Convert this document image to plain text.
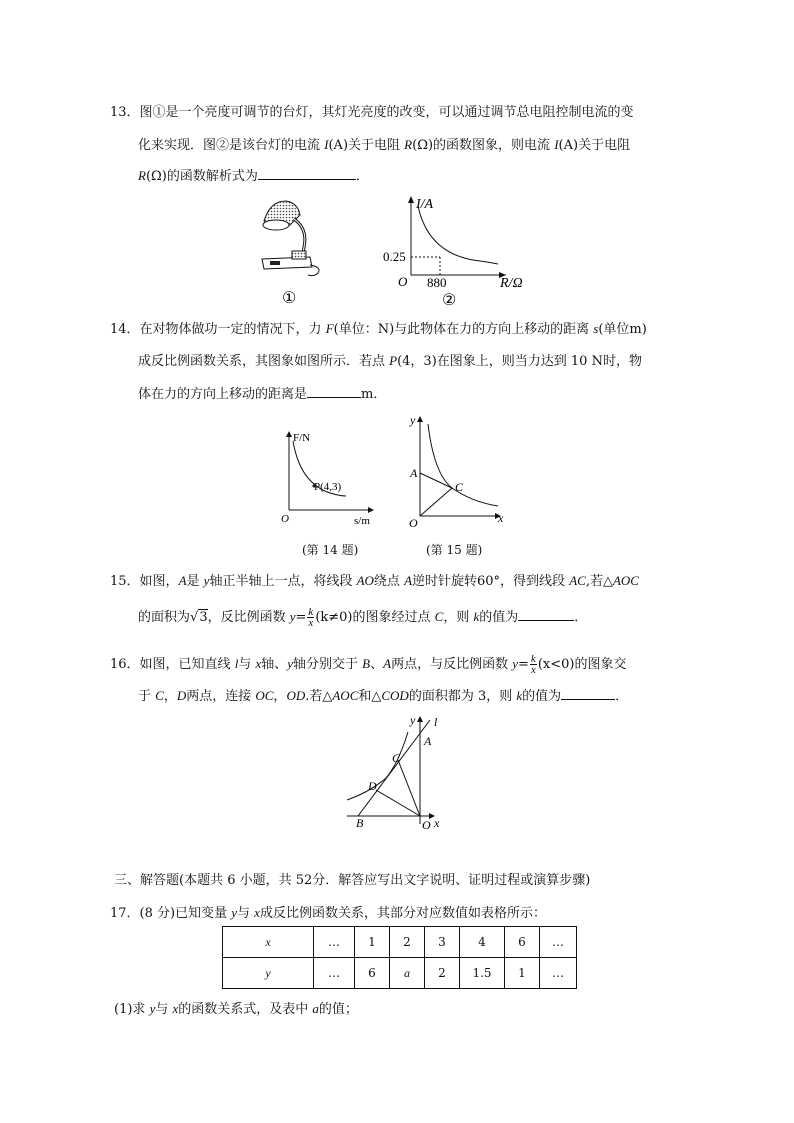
13．图①是一个亮度可调节的台灯，其灯光亮度的改变，可以通过调节总电阻控制电流的变
化来实现．图②是该台灯的电流 I(A)关于电阻 R(Ω)的函数图象，则电流 I(A)关于电阻
R(Ω)的函数解析式为	．
①
I/A
R/Ω
O
0.25
880
②
14．在对物体做功一定的情况下，力 F(单位：N)与此物体在力的方向上移动的距离 s(单位m)
成反比例函数关系，其图象如图所示．若点 P(4，3)在图象上，则当力达到 10 N时，物
体在力的方向上移动的距离是	m．
F/N
s/m
O
P(4,3)
(第 14 题)
y
x
O
A
C
(第 15 题)
15．如图，A是 y轴正半轴上一点，将线段 AO绕点 A逆时针旋转60°，得到线段 AC,若△AOC
的面积为√3，反比例函数 $y= \frac{k}{x} (k\ne 0)$的图象经过点 C，则 k的值为	．
16．如图，已知直线 l与 x轴、y轴分别交于 B、A两点，与反比例函数 $y= \frac{k}{x} (x<0)$的图象交
于 C，D两点，连接 OC，OD.若△AOC和△COD的面积都为 3，则 k的值为	．
y l
A
C
D
B	O x
三、解答题(本题共 6 小题，共 52分．解答应写出文字说明、证明过程或演算步骤)
17．(8 分)已知变量 y与 x成反比例函数关系，其部分对应数值如表格所示：
x	…	1	2	3	4	6	…
y	…	6	a	2	1.5	1	…
(1)求 y与 x的函数关系式，及表中 a的值；
